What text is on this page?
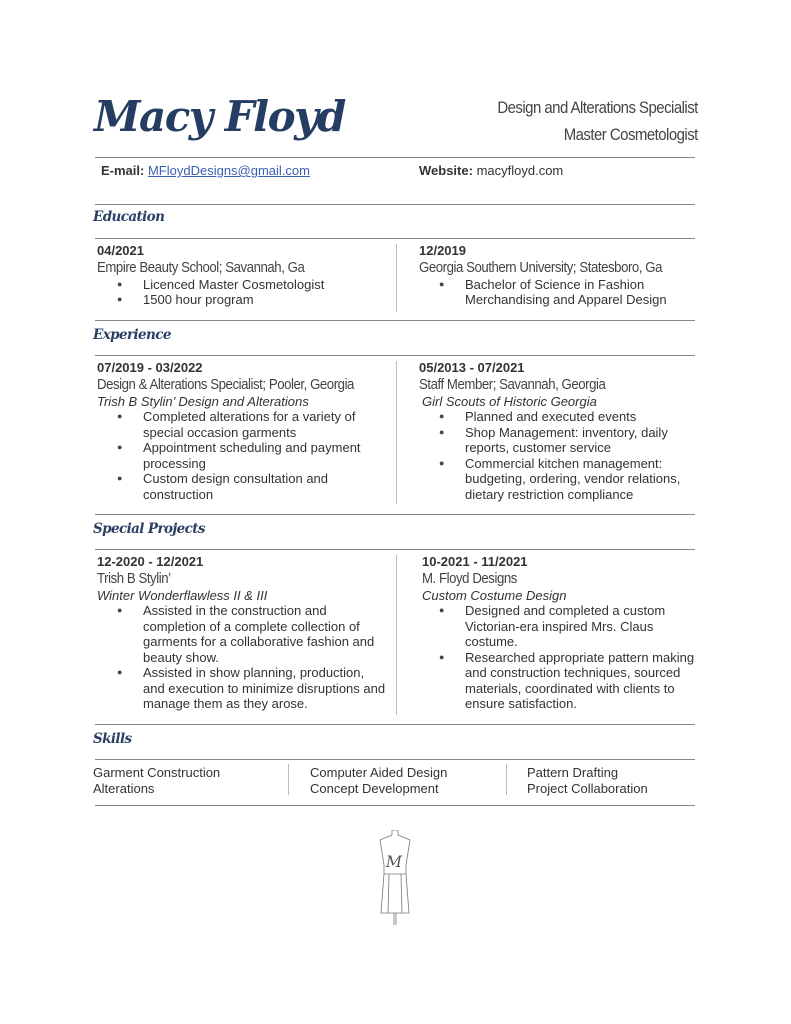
Macy Floyd	Design and Alterations Specialist
Master Cosmetologist
E-mail: MFloydDesigns@gmail.com	Website: macyfloyd.com
Education
04/2021
Empire Beauty School; Savannah, Ga
● Licenced Master Cosmetologist
● 1500 hour program
12/2019
Georgia Southern University; Statesboro, Ga
● Bachelor of Science in Fashion Merchandising and Apparel Design
Experience
07/2019 - 03/2022
Design & Alterations Specialist; Pooler, Georgia
Trish B Stylin’ Design and Alterations
● Completed alterations for a variety of special occasion garments
● Appointment scheduling and payment processing
● Custom design consultation and construction
05/2013 - 07/2021
Staff Member; Savannah, Georgia
Girl Scouts of Historic Georgia
● Planned and executed events
● Shop Management: inventory, daily reports, customer service
● Commercial kitchen management: budgeting, ordering, vendor relations, dietary restriction compliance
Special Projects
12-2020 - 12/2021
Trish B Stylin’
Winter Wonderflawless II & III
● Assisted in the construction and completion of a complete collection of garments for a collaborative fashion and beauty show.
● Assisted in show planning, production, and execution to minimize disruptions and manage them as they arose.
10-2021 - 11/2021
M. Floyd Designs
Custom Costume Design
● Designed and completed a custom Victorian-era inspired Mrs. Claus costume.
● Researched appropriate pattern making and construction techniques, sourced materials, coordinated with clients to ensure satisfaction.
Skills
Garment Construction
Alterations
Computer Aided Design
Concept Development
Pattern Drafting
Project Collaboration
M
